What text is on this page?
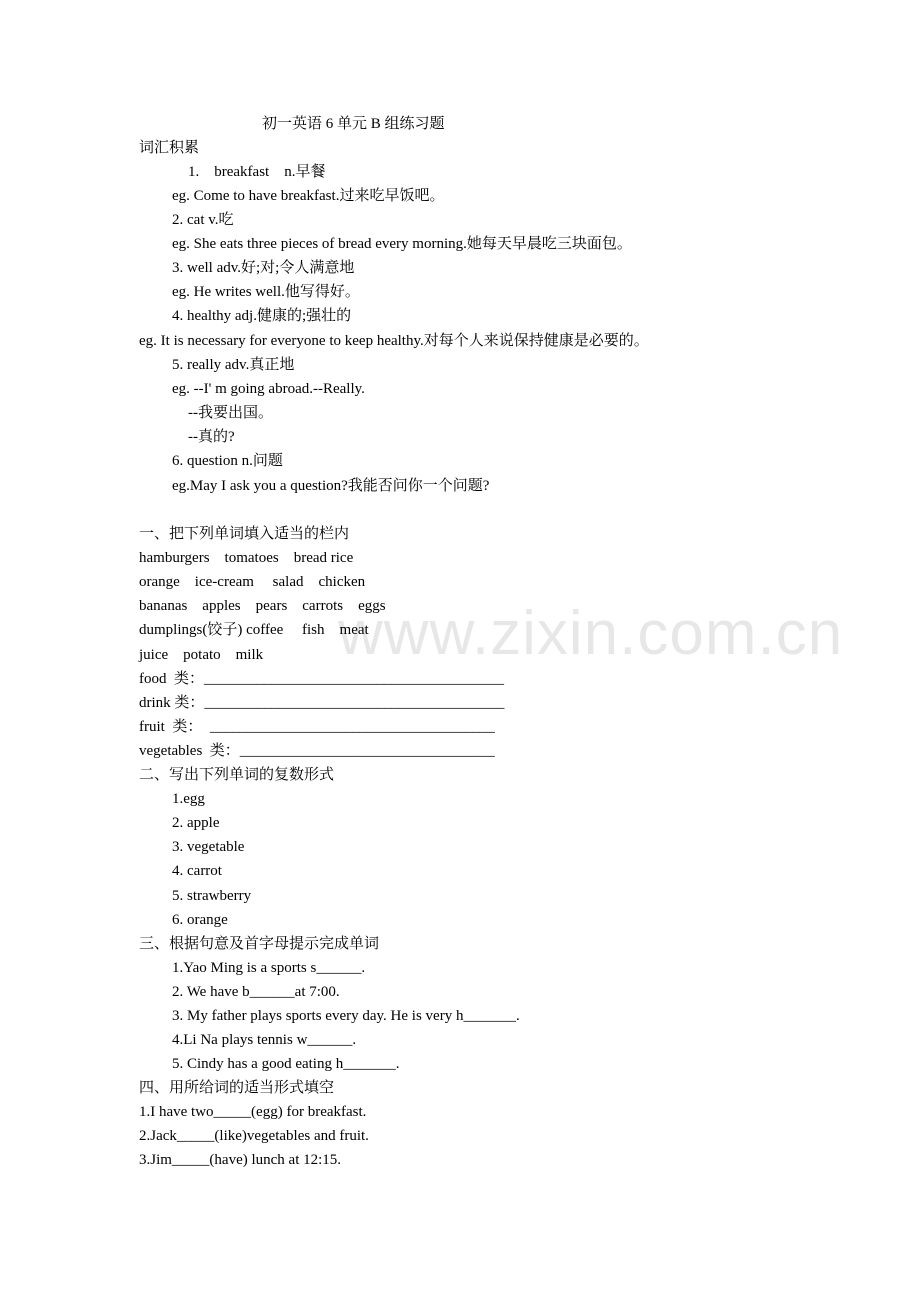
初一英语 6 单元 B 组练习题
词汇积累
1.    breakfast    n.早餐
eg. Come to have breakfast.过来吃早饭吧。
2. cat v.吃
eg. She eats three pieces of bread every morning.她每天早晨吃三块面包。
3. well adv.好;对;令人满意地
eg. He writes well.他写得好。
4. healthy adj.健康的;强壮的
eg. It is necessary for everyone to keep healthy.对每个人来说保持健康是必要的。
5. really adv.真正地
eg. --I' m going abroad.--Really.
--我要出国。
--真的?
6. question n.问题
eg.May I ask you a question?我能否问你一个问题?
一、把下列单词填入适当的栏内
hamburgers    tomatoes    bread rice
orange    ice-cream     salad    chicken
bananas    apples    pears    carrots    eggs
dumplings(饺子) coffee     fish    meat
juice    potato    milk
food  类：________________________________________
drink 类：________________________________________
fruit  类：  ______________________________________
vegetables  类：__________________________________
二、写出下列单词的复数形式
1.egg
2. apple
3. vegetable
4. carrot
5. strawberry
6. orange
三、根据句意及首字母提示完成单词
1.Yao Ming is a sports s______.
2. We have b______at 7:00.
3. My father plays sports every day. He is very h_______.
4.Li Na plays tennis w______.
5. Cindy has a good eating h_______.
四、用所给词的适当形式填空
1.I have two_____(egg) for breakfast.
2.Jack_____(like)vegetables and fruit.
3.Jim_____(have) lunch at 12:15.
www.zixin.com.cn
